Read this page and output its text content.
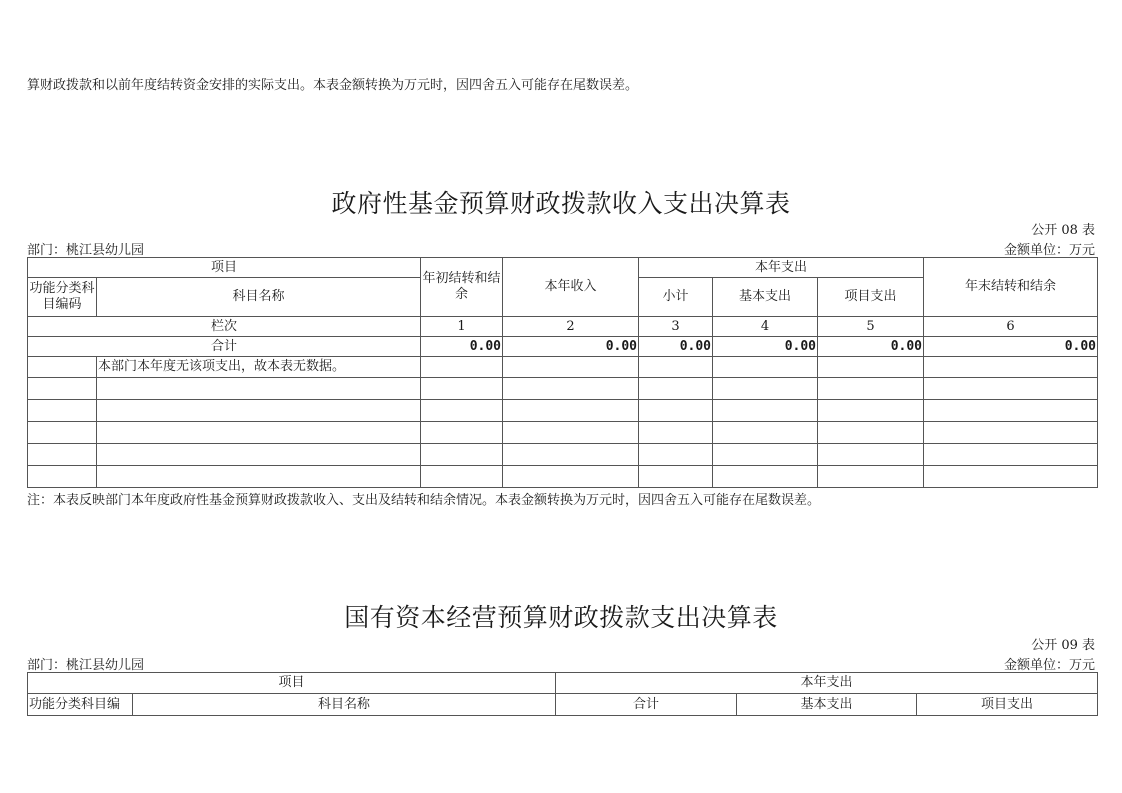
算财政拨款和以前年度结转资金安排的实际支出。本表金额转换为万元时，因四舍五入可能存在尾数误差。
政府性基金预算财政拨款收入支出决算表
公开 08 表
部门：桃江县幼儿园	金额单位：万元
项目		年初结转和结余	本年收入	本年支出			年末结转和结余
功能分类科目编码	科目名称			小计	基本支出	项目支出	
栏次		1	2	3	4	5	6
合计		0.00	0.00	0.00	0.00	0.00	0.00
	本部门本年度无该项支出，故本表无数据。						

注：本表反映部门本年度政府性基金预算财政拨款收入、支出及结转和结余情况。本表金额转换为万元时，因四舍五入可能存在尾数误差。
国有资本经营预算财政拨款支出决算表
公开 09 表
部门：桃江县幼儿园	金额单位：万元
项目		本年支出		
功能分类科目编	科目名称	合计	基本支出	项目支出
